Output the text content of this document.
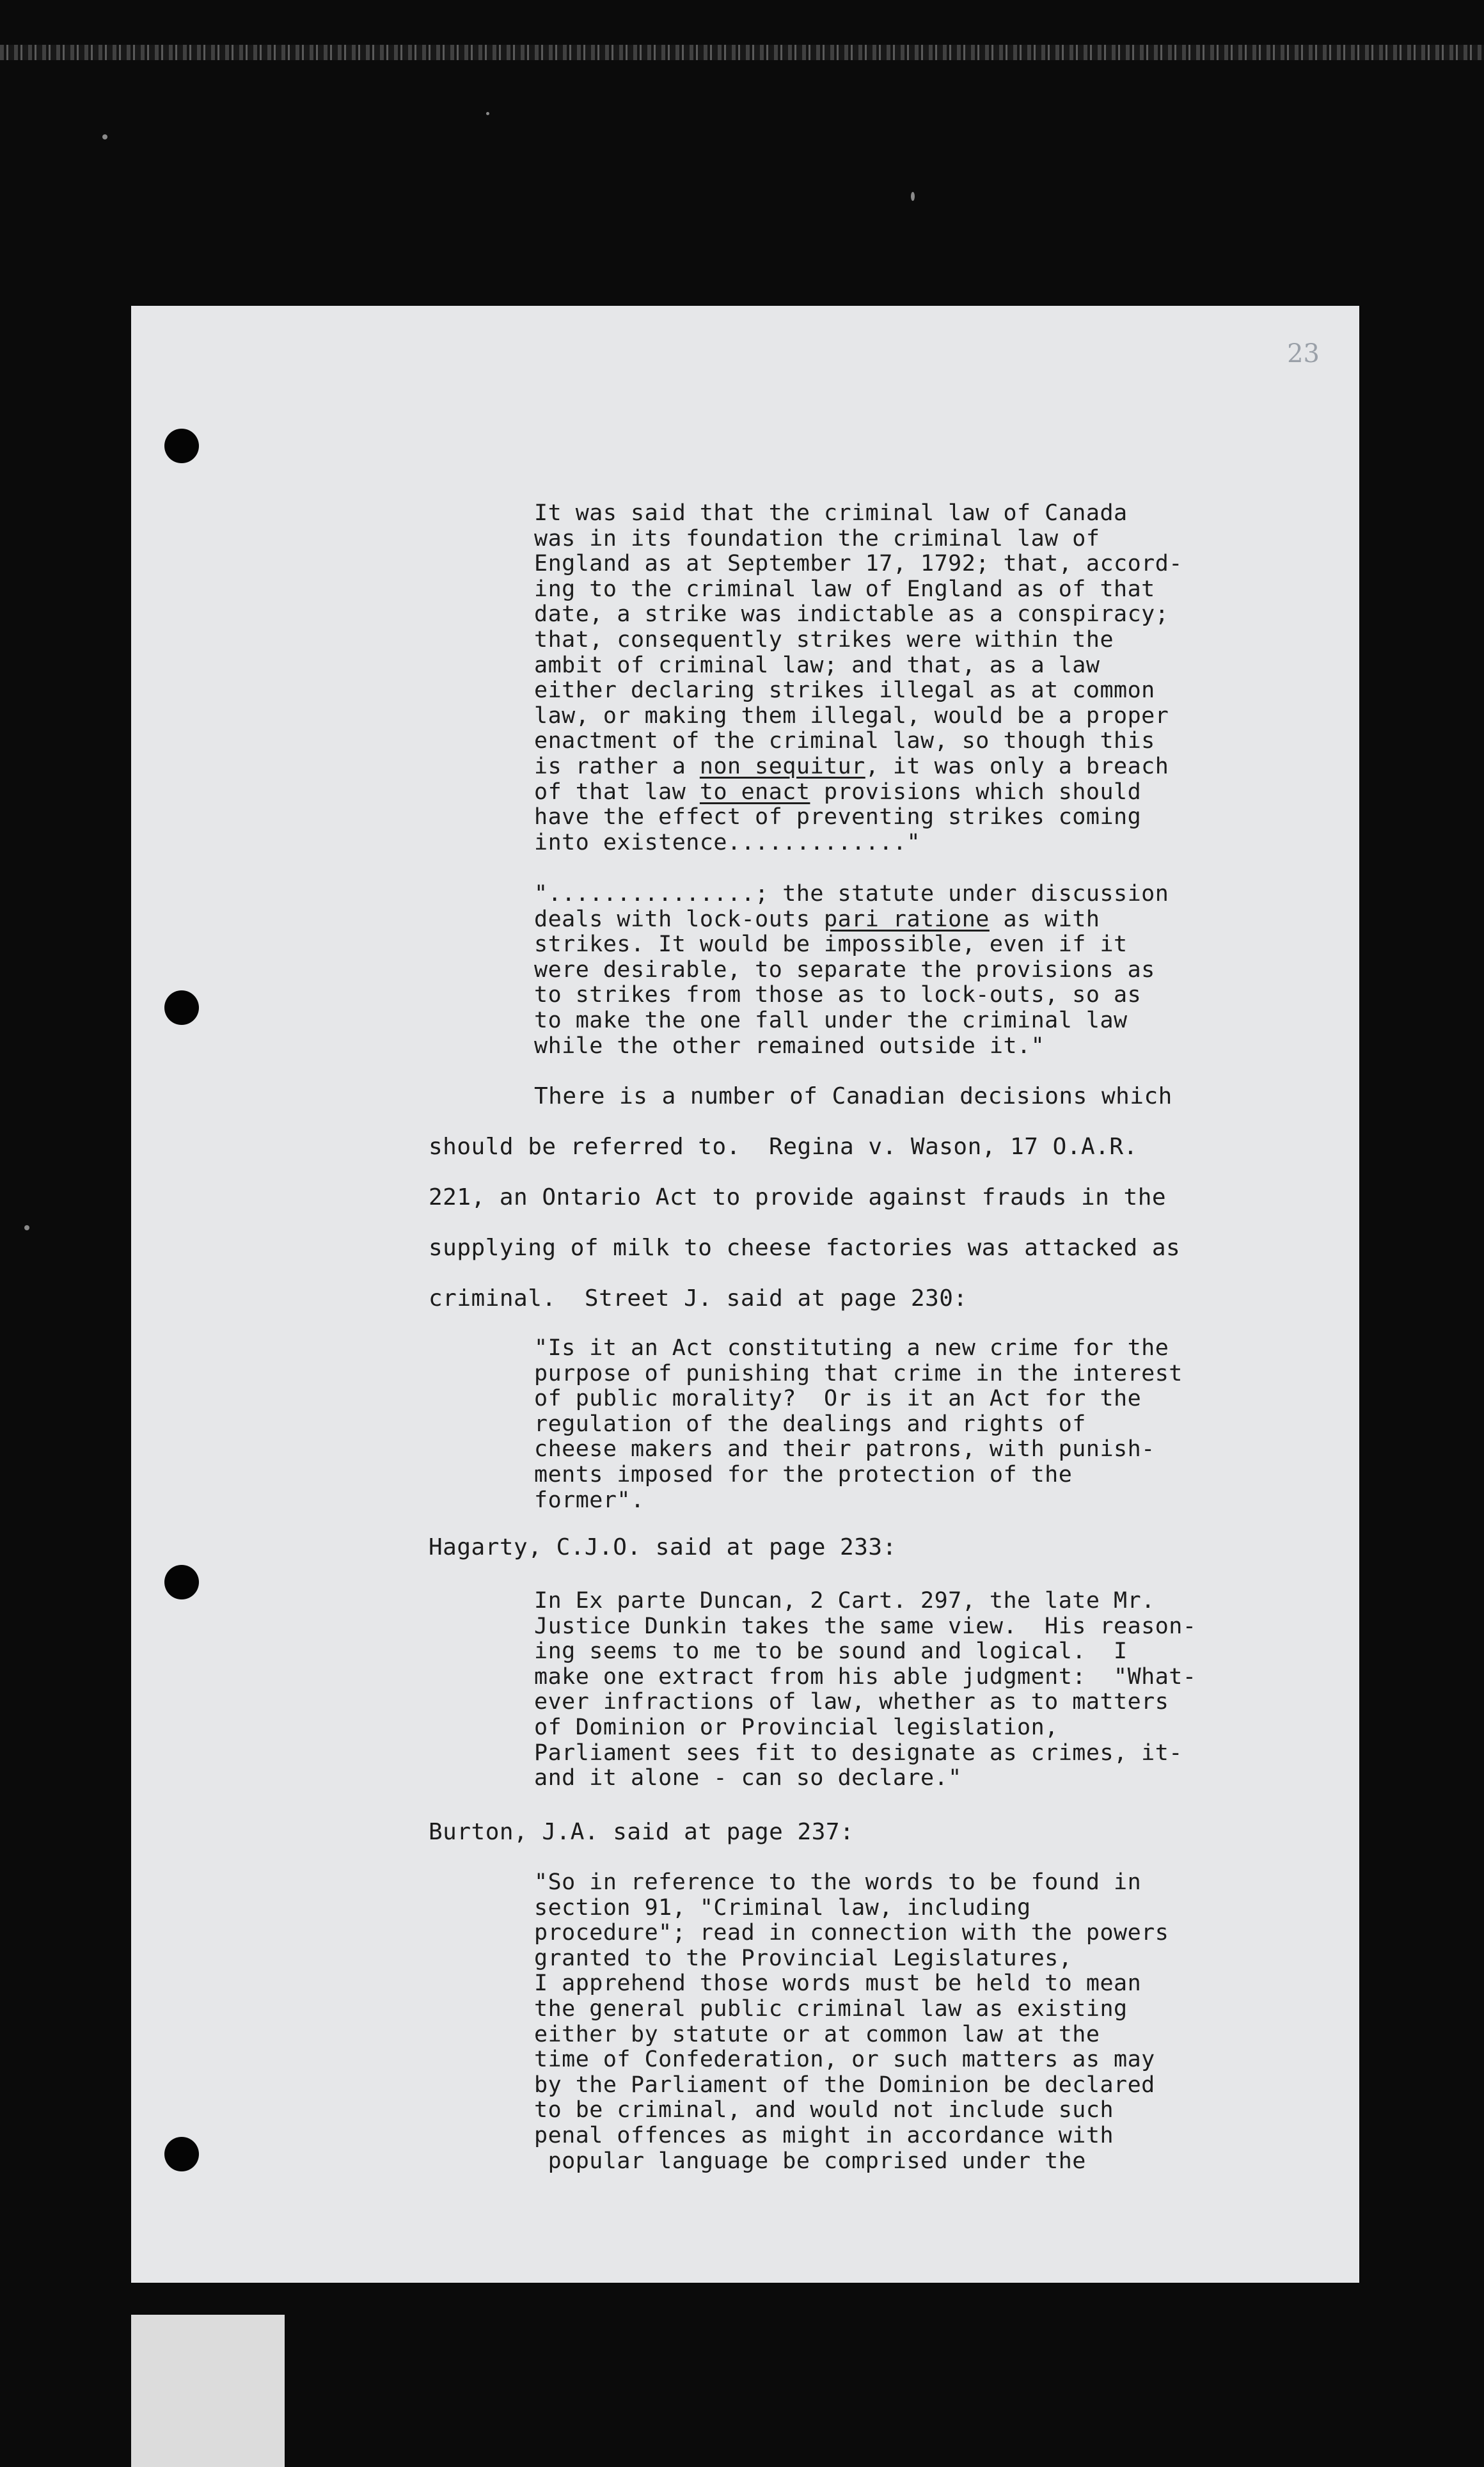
23

It was said that the criminal law of Canada
was in its foundation the criminal law of
England as at September 17, 1792; that, accord-
ing to the criminal law of England as of that
date, a strike was indictable as a conspiracy;
that, consequently strikes were within the
ambit of criminal law; and that, as a law
either declaring strikes illegal as at common
law, or making them illegal, would be a proper
enactment of the criminal law, so though this

is rather a non sequitur, it was only a breach

of that law to enact provisions which should

have the effect of preventing strikes coming
into existence............."

"...............; the statute under discussion

deals with lock-outs pari ratione as with

strikes. It would be impossible, even if it
were desirable, to separate the provisions as
to strikes from those as to lock-outs, so as
to make the one fall under the criminal law
while the other remained outside it."

There is a number of Canadian decisions which

should be referred to.  Regina v. Wason, 17 O.A.R.

221, an Ontario Act to provide against frauds in the

supplying of milk to cheese factories was attacked as

criminal.  Street J. said at page 230:

"Is it an Act constituting a new crime for the
purpose of punishing that crime in the interest
of public morality?  Or is it an Act for the
regulation of the dealings and rights of
cheese makers and their patrons, with punish-
ments imposed for the protection of the
former".

Hagarty, C.J.O. said at page 233:

In Ex parte Duncan, 2 Cart. 297, the late Mr.
Justice Dunkin takes the same view.  His reason-
ing seems to me to be sound and logical.  I
make one extract from his able judgment:  "What-
ever infractions of law, whether as to matters
of Dominion or Provincial legislation,
Parliament sees fit to designate as crimes, it-
and it alone - can so declare."

Burton, J.A. said at page 237:

"So in reference to the words to be found in
section 91, "Criminal law, including
procedure"; read in connection with the powers
granted to the Provincial Legislatures,
I apprehend those words must be held to mean
the general public criminal law as existing
either by statute or at common law at the
time of Confederation, or such matters as may
by the Parliament of the Dominion be declared
to be criminal, and would not include such
penal offences as might in accordance with
popular language be comprised under the
